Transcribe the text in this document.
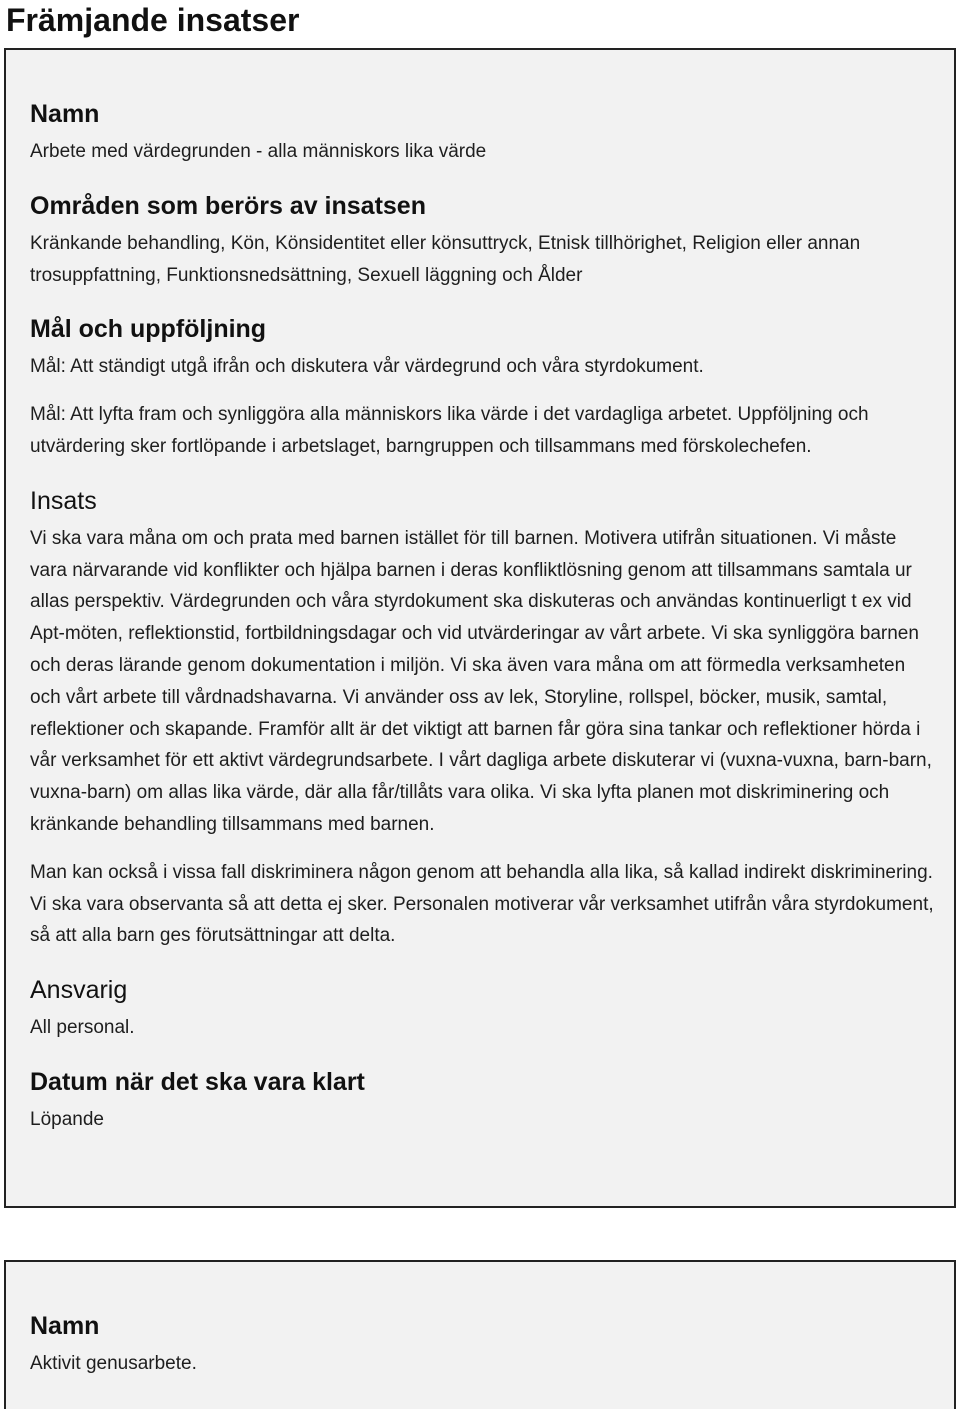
Främjande insatser
Namn

Arbete med värdegrunden - alla människors lika värde

Områden som berörs av insatsen

Kränkande behandling, Kön, Könsidentitet eller könsuttryck, Etnisk tillhörighet, Religion eller annan trosuppfattning, Funktionsnedsättning, Sexuell läggning och Ålder

Mål och uppföljning

Mål: Att ständigt utgå ifrån och diskutera vår värdegrund och våra styrdokument.

Mål: Att lyfta fram och synliggöra alla människors lika värde i det vardagliga arbetet. Uppföljning och utvärdering sker fortlöpande i arbetslaget, barngruppen och tillsammans med förskolechefen.

Insats

Vi ska vara måna om och prata med barnen istället för till barnen. Motivera utifrån situationen. Vi måste vara närvarande vid konflikter och hjälpa barnen i deras konfliktlösning genom att tillsammans samtala ur allas perspektiv. Värdegrunden och våra styrdokument ska diskuteras och användas kontinuerligt t ex vid Apt-möten, reflektionstid, fortbildningsdagar och vid utvärderingar av vårt arbete. Vi ska synliggöra barnen och deras lärande genom dokumentation i miljön. Vi ska även vara måna om att förmedla verksamheten och vårt arbete till vårdnadshavarna. Vi använder oss av lek, Storyline, rollspel, böcker, musik, samtal, reflektioner och skapande. Framför allt är det viktigt att barnen får göra sina tankar och reflektioner hörda i vår verksamhet för ett aktivt värdegrundsarbete. I vårt dagliga arbete diskuterar vi (vuxna-vuxna, barn-barn, vuxna-barn) om allas lika värde, där alla får/tillåts vara olika. Vi ska lyfta planen mot diskriminering och kränkande behandling tillsammans med barnen.

Man kan också i vissa fall diskriminera någon genom att behandla alla lika, så kallad indirekt diskriminering. Vi ska vara observanta så att detta ej sker. Personalen motiverar vår verksamhet utifrån våra styrdokument, så att alla barn ges förutsättningar att delta.

Ansvarig

All personal.

Datum när det ska vara klart

Löpande

Namn

Aktivit genusarbete.
